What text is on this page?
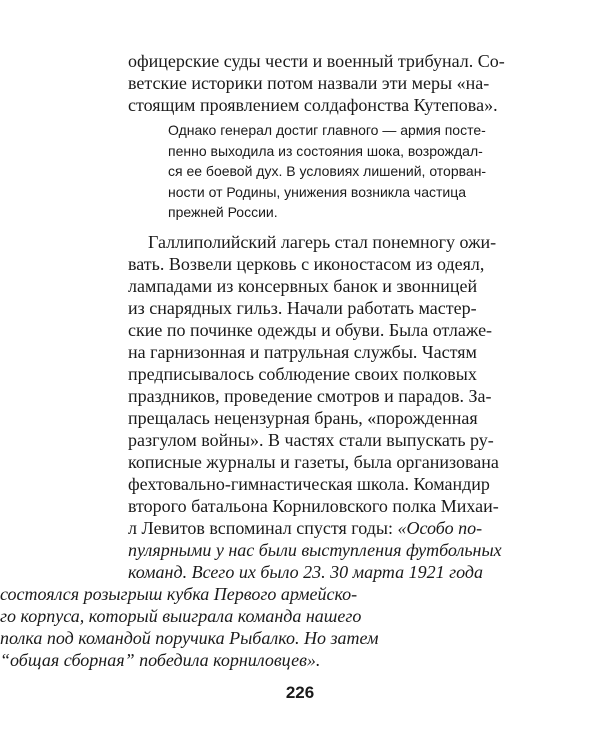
офицерские суды чести и военный трибунал. Со-
ветские историки потом назвали эти меры «на-
стоящим проявлением солдафонства Кутепова».
Однако генерал достиг главного — армия посте-
пенно выходила из состояния шока, возрождал-
ся ее боевой дух. В условиях лишений, оторван-
ности от Родины, унижения возникла частица
прежней России.
Галлиполийский лагерь стал понемногу ожи-
вать. Возвели церковь с иконостасом из одеял,
лампадами из консервных банок и звонницей
из снарядных гильз. Начали работать мастер-
ские по починке одежды и обуви. Была отлаже-
на гарнизонная и патрульная службы. Частям
предписывалось соблюдение своих полковых
праздников, проведение смотров и парадов. За-
прещалась нецензурная брань, «порожденная
разгулом войны». В частях стали выпускать ру-
кописные журналы и газеты, была организована
фехтовально-гимнастическая школа. Командир
второго батальона Корниловского полка Михаи-
л Левитов вспоминал спустя годы: «Особо по-
пулярными у нас были выступления футбольных
команд. Всего их было 23. 30 марта 1921 года
состоялся розыгрыш кубка Первого армейско-
го корпуса, который выиграла команда нашего
полка под командой поручика Рыбалко. Но затем
“общая сборная” победила корниловцев».
226
